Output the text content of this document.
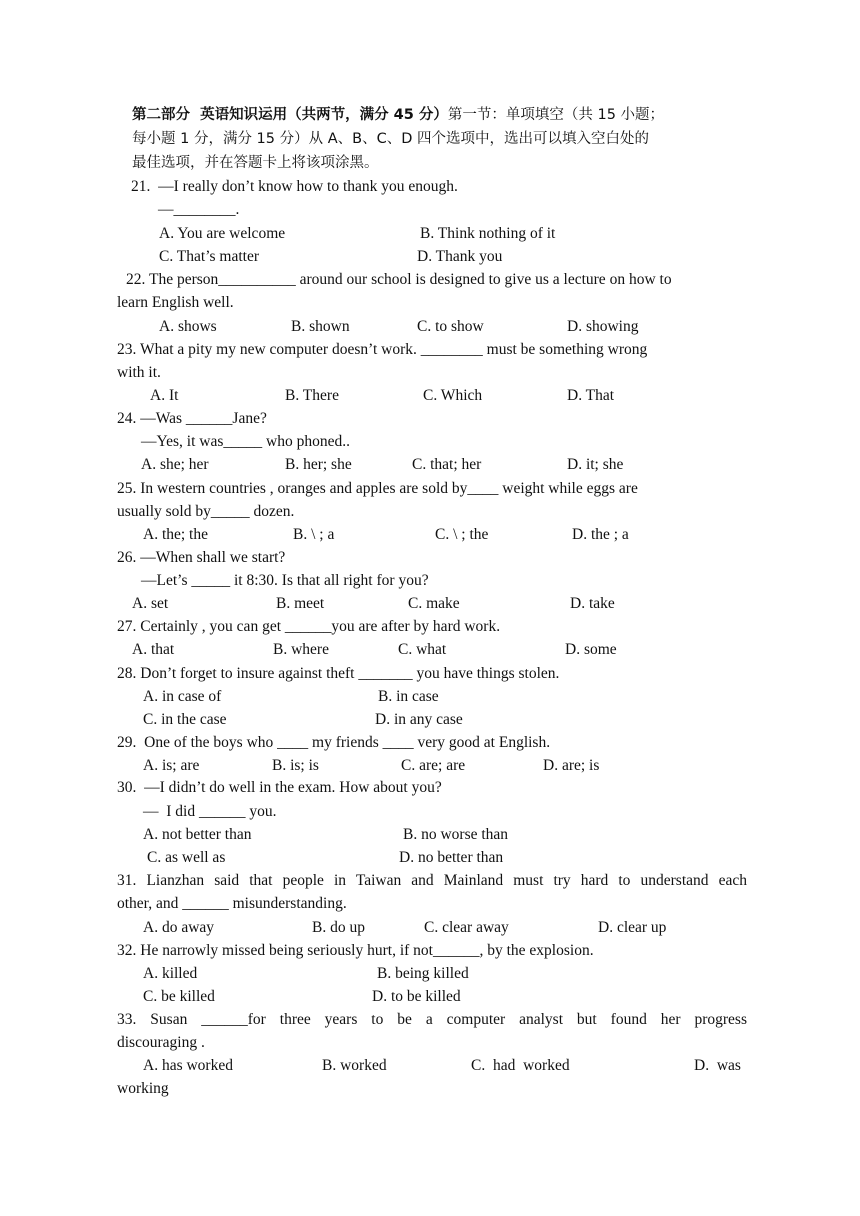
第二部分  英语知识运用（共两节，满分 45 分）第一节：单项填空（共 15 小题；
每小题 1 分，满分 15 分）从 A、B、C、D 四个选项中，选出可以填入空白处的
最佳选项，并在答题卡上将该项涂黑。
21.  —I really don’t know how to thank you enough.
—________.
A. You are welcome	B. Think nothing of it
C. That’s matter	D. Thank you
22. The person__________ around our school is designed to give us a lecture on how to
learn English well.
A. shows	B. shown	C. to show	D. showing
23. What a pity my new computer doesn’t work. ________ must be something wrong
with it.
A. It	B. There	C. Which	D. That
24. —Was ______Jane?
—Yes, it was_____ who phoned..
A. she; her	B. her; she	C. that; her	D. it; she
25. In western countries , oranges and apples are sold by____ weight while eggs are
usually sold by_____ dozen.
A. the; the	B. \ ; a	C. \ ; the	D. the ; a
26. —When shall we start?
—Let’s _____ it 8:30. Is that all right for you?
A. set	B. meet	C. make	D. take
27. Certainly , you can get ______you are after by hard work.
A. that	B. where	C. what	D. some
28. Don’t forget to insure against theft _______ you have things stolen.
A. in case of	B. in case
C. in the case	D. in any case
29.  One of the boys who ____ my friends ____ very good at English.
A. is; are	B. is; is	C. are; are	D. are; is
30.  —I didn’t do well in the exam. How about you?
—  I did ______ you.
A. not better than	B. no worse than
C. as well as	D. no better than
31. Lianzhan said that people in Taiwan and Mainland must try hard to understand each
other, and ______ misunderstanding.
A. do away	B. do up	C. clear away	D. clear up
32. He narrowly missed being seriously hurt, if not______, by the explosion.
A. killed	B. being killed
C. be killed	D. to be killed
33. Susan ______for three years to be a computer analyst but found her progress
discouraging .
A. has worked	B. worked	C.  had  worked	D.  was
working
